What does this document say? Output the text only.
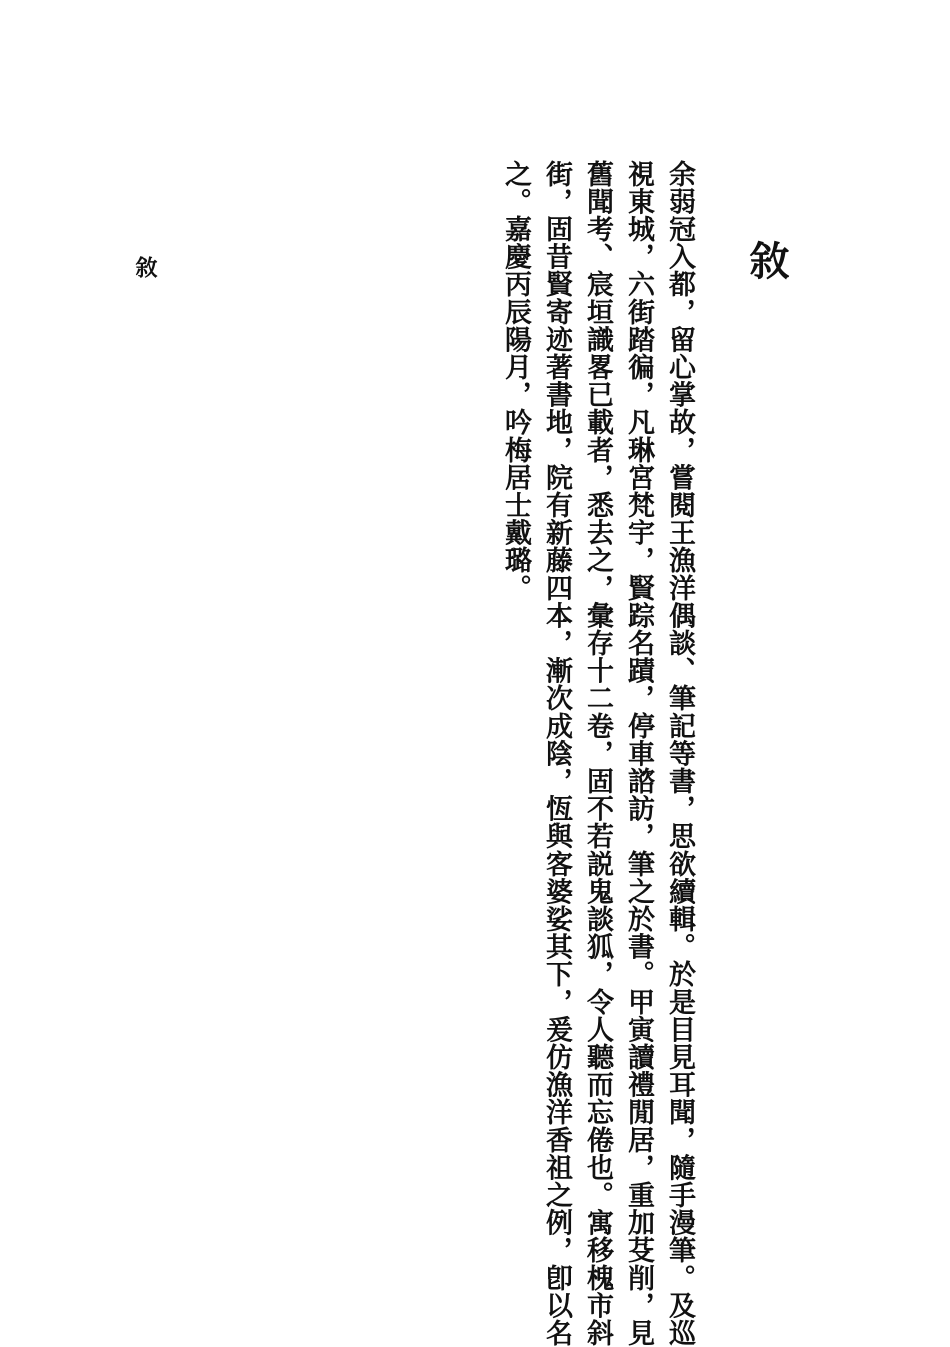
敘	敘
余弱冠入都，留心掌故，嘗閱王漁洋偶談、筆記等書，思欲續輯。於是目見耳聞，隨手漫筆。及巡
視東城，六街踏徧，凡琳宮梵宇，賢踪名蹟，停車諮訪，筆之於書。甲寅讀禮閒居，重加芟削，見
舊聞考、宸垣識畧已載者，悉去之，彙存十二卷，固不若説鬼談狐，令人聽而忘倦也。寓移槐市斜
街，固昔賢寄迹著書地，院有新藤四本，漸次成陰，恆與客婆娑其下，爰仿漁洋香祖之例，卽以名
之。嘉慶丙辰陽月，吟梅居士戴璐。
